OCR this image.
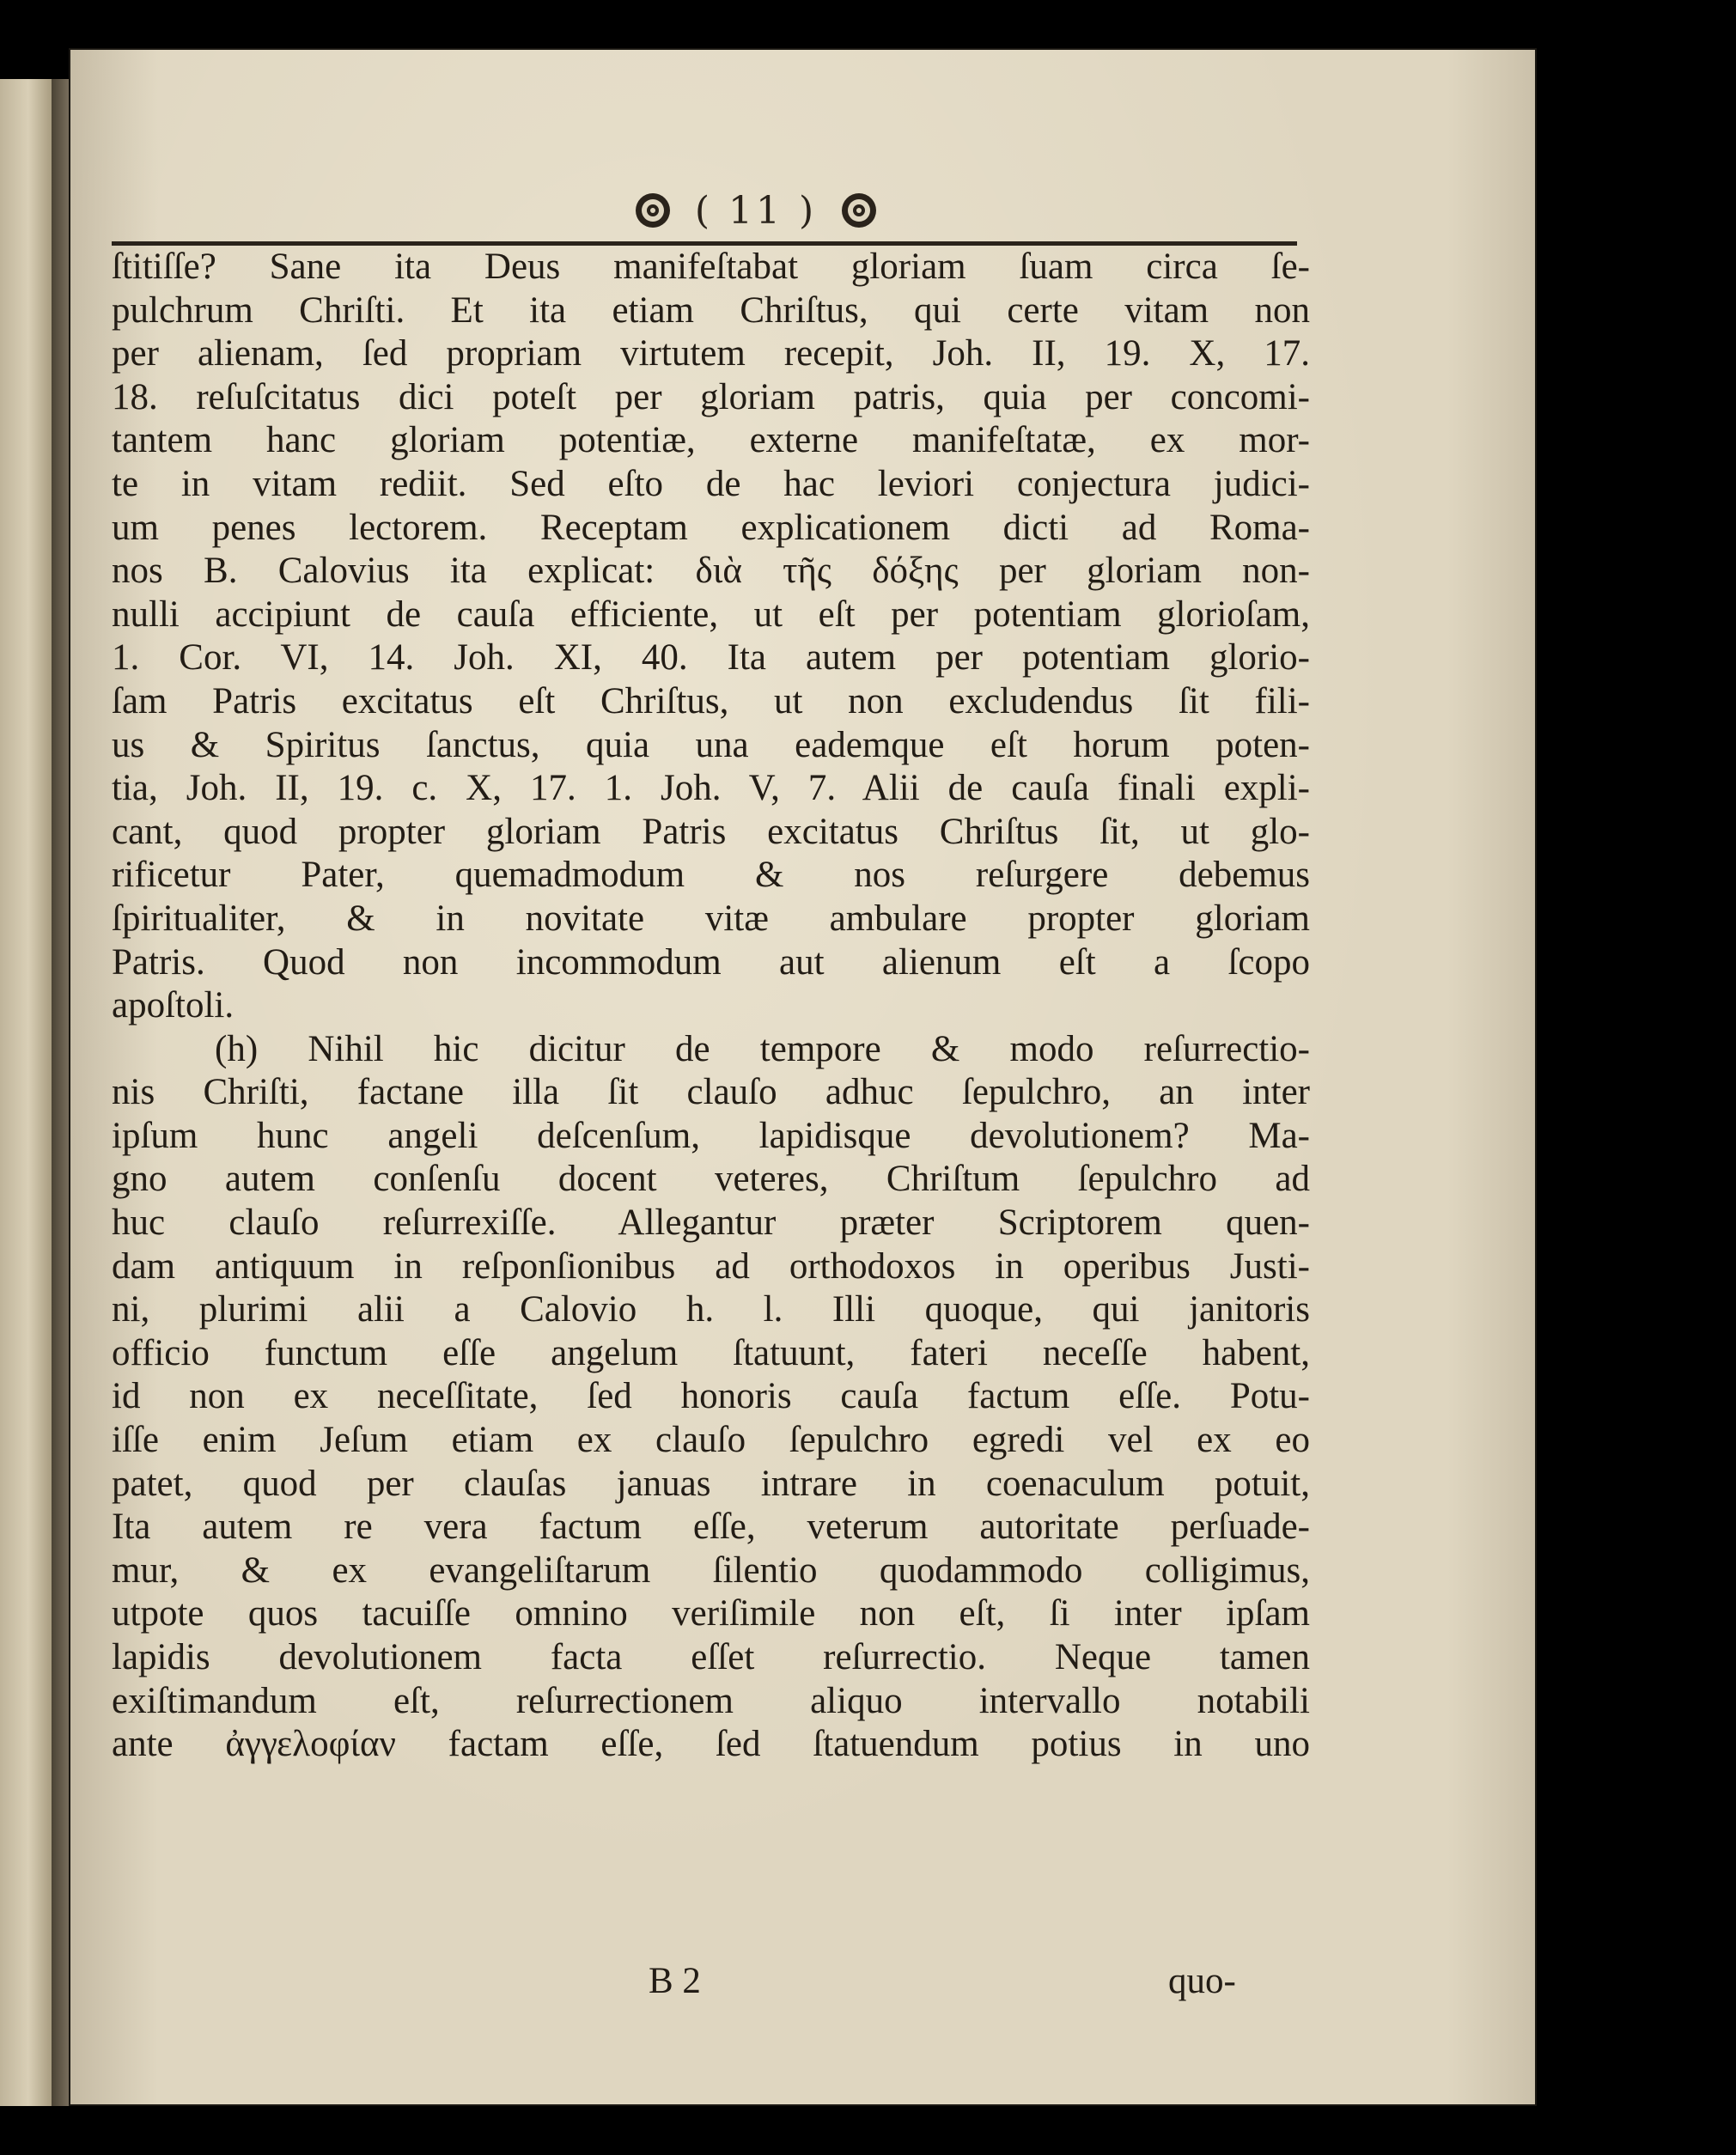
( 11 )
ſtitiſſe? Sane ita Deus manifeſtabat gloriam ſuam circa ſe-
pulchrum Chriſti. Et ita etiam Chriſtus, qui certe vitam non
per alienam, ſed propriam virtutem recepit, Joh. II, 19. X, 17.
18. reſuſcitatus dici poteſt per gloriam patris, quia per concomi-
tantem hanc gloriam potentiæ, externe manifeſtatæ, ex mor-
te in vitam rediit. Sed eſto de hac leviori conjectura judici-
um penes lectorem. Receptam explicationem dicti ad Roma-
nos B. Calovius ita explicat: διὰ τῆς δόξης per gloriam non-
nulli accipiunt de cauſa efficiente, ut eſt per potentiam glorioſam,
1. Cor. VI, 14. Joh. XI, 40. Ita autem per potentiam glorio-
ſam Patris excitatus eſt Chriſtus, ut non excludendus ſit fili-
us & Spiritus ſanctus, quia una eademque eſt horum poten-
tia, Joh. II, 19. c. X, 17. 1. Joh. V, 7. Alii de cauſa finali expli-
cant, quod propter gloriam Patris excitatus Chriſtus ſit, ut glo-
rificetur Pater, quemadmodum & nos reſurgere debemus
ſpiritualiter, & in novitate vitæ ambulare propter gloriam
Patris. Quod non incommodum aut alienum eſt a ſcopo
apoſtoli.
(h) Nihil hic dicitur de tempore & modo reſurrectio-
nis Chriſti, factane illa ſit clauſo adhuc ſepulchro, an inter
ipſum hunc angeli deſcenſum, lapidisque devolutionem? Ma-
gno autem conſenſu docent veteres, Chriſtum ſepulchro ad
huc clauſo reſurrexiſſe. Allegantur præter Scriptorem quen-
dam antiquum in reſponſionibus ad orthodoxos in operibus Justi-
ni, plurimi alii a Calovio h. l. Illi quoque, qui janitoris
officio functum eſſe angelum ſtatuunt, fateri neceſſe habent,
id non ex neceſſitate, ſed honoris cauſa factum eſſe. Potu-
iſſe enim Jeſum etiam ex clauſo ſepulchro egredi vel ex eo
patet, quod per clauſas januas intrare in coenaculum potuit,
Ita autem re vera factum eſſe, veterum autoritate perſuade-
mur, & ex evangeliſtarum ſilentio quodammodo colligimus,
utpote quos tacuiſſe omnino veriſimile non eſt, ſi inter ipſam
lapidis devolutionem facta eſſet reſurrectio. Neque tamen
exiſtimandum eſt, reſurrectionem aliquo intervallo notabili
ante ἀγγελοφίαν factam eſſe, ſed ſtatuendum potius in uno
B 2	quo-
